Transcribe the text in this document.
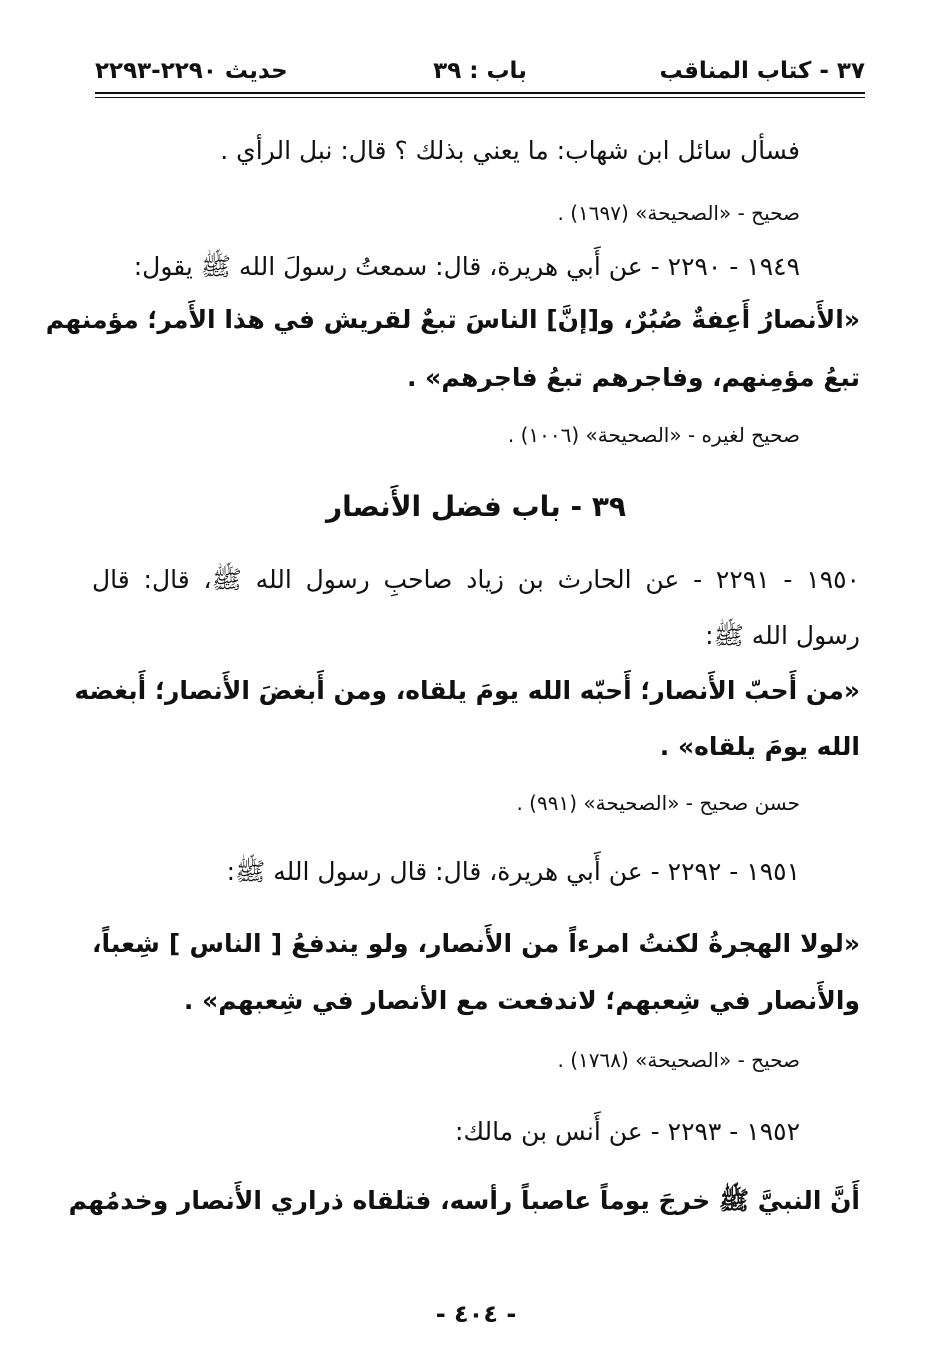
٣٧ - كتاب المناقب
باب : ٣٩
حديث ٢٢٩٠-٢٢٩٣
فسأل سائل ابن شهاب: ما يعني بذلك ؟ قال: نبل الرأي .
صحيح - «الصحيحة» (١٦٩٧) .
١٩٤٩ - ٢٢٩٠ - عن أَبي هريرة، قال: سمعتُ رسولَ الله ﷺ يقول:
«الأَنصارُ أَعِفةٌ صُبُرٌ، و[إنَّ] الناسَ تبعٌ لقريش في هذا الأَمر؛ مؤمنهم
تبعُ مؤمِنهم، وفاجرهم تبعُ فاجرهم» .
صحيح لغيره - «الصحيحة» (١٠٠٦) .
٣٩ - باب فضل الأَنصار
١٩٥٠ - ٢٢٩١ - عن الحارث بن زياد صاحبِ رسول الله ﷺ، قال: قال
رسول الله ﷺ:
«من أَحبّ الأَنصار؛ أَحبّه الله يومَ يلقاه، ومن أَبغضَ الأَنصار؛ أَبغضه
الله يومَ يلقاه» .
حسن صحيح - «الصحيحة» (٩٩١) .
١٩٥١ - ٢٢٩٢ - عن أَبي هريرة، قال: قال رسول الله ﷺ:
«لولا الهجرةُ لكنتُ امرءاً من الأَنصار، ولو يندفعُ [ الناس ] شِعباً،
والأَنصار في شِعبهم؛ لاندفعت مع الأنصار في شِعبهم» .
صحيح - «الصحيحة» (١٧٦٨) .
١٩٥٢ - ٢٢٩٣ - عن أَنس بن مالك:
أَنَّ النبيَّ ﷺ خرجَ يوماً عاصباً رأسه، فتلقاه ذراري الأَنصار وخدمُهم
- ٤٠٤ -
